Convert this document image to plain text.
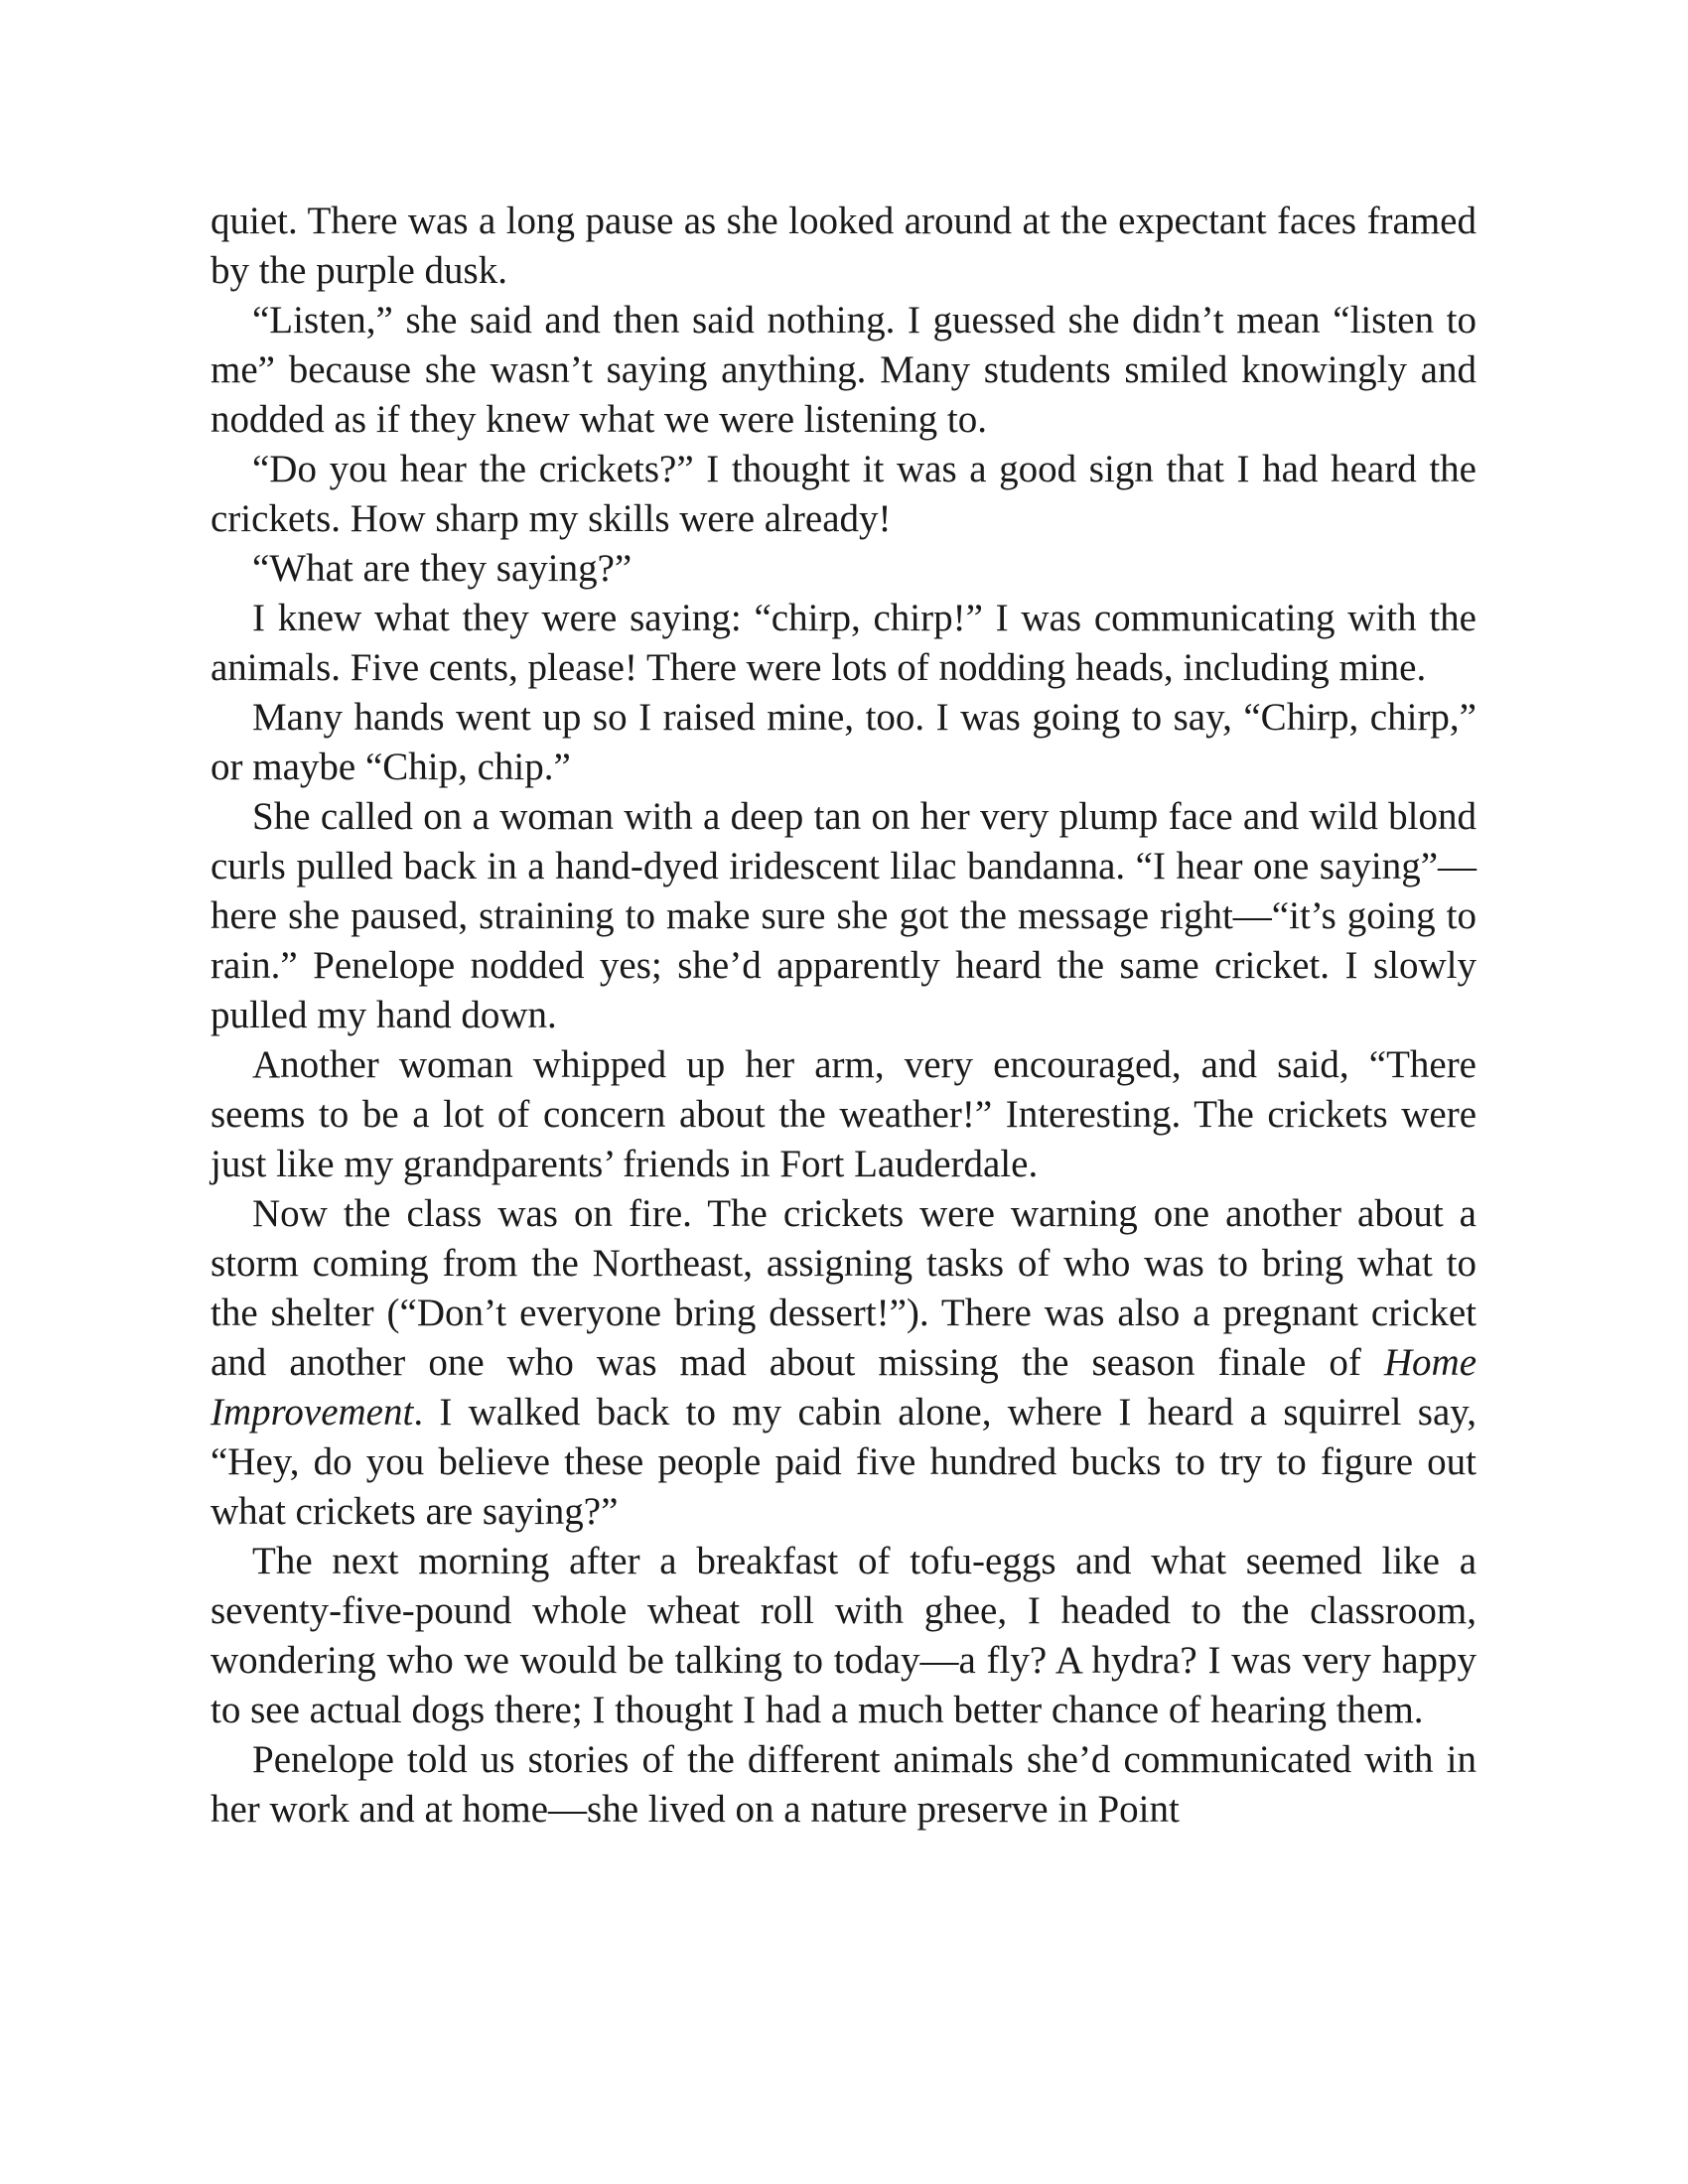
quiet. There was a long pause as she looked around at the expectant faces framed by the purple dusk.

“Listen,” she said and then said nothing. I guessed she didn’t mean “listen to me” because she wasn’t saying anything. Many students smiled knowingly and nodded as if they knew what we were listening to.

“Do you hear the crickets?” I thought it was a good sign that I had heard the crickets. How sharp my skills were already!

“What are they saying?”

I knew what they were saying: “chirp, chirp!” I was communicating with the animals. Five cents, please! There were lots of nodding heads, including mine.

Many hands went up so I raised mine, too. I was going to say, “Chirp, chirp,” or maybe “Chip, chip.”

She called on a woman with a deep tan on her very plump face and wild blond curls pulled back in a hand-dyed iridescent lilac bandanna. “I hear one saying”—here she paused, straining to make sure she got the message right—“it’s going to rain.” Penelope nodded yes; she’d apparently heard the same cricket. I slowly pulled my hand down.

Another woman whipped up her arm, very encouraged, and said, “There seems to be a lot of concern about the weather!” Interesting. The crickets were just like my grandparents’ friends in Fort Lauderdale.

Now the class was on fire. The crickets were warning one another about a storm coming from the Northeast, assigning tasks of who was to bring what to the shelter (“Don’t everyone bring dessert!”). There was also a pregnant cricket and another one who was mad about missing the season finale of Home Improvement. I walked back to my cabin alone, where I heard a squirrel say, “Hey, do you believe these people paid five hundred bucks to try to figure out what crickets are saying?”

The next morning after a breakfast of tofu-eggs and what seemed like a seventy-five-pound whole wheat roll with ghee, I headed to the classroom, wondering who we would be talking to today—a fly? A hydra? I was very happy to see actual dogs there; I thought I had a much better chance of hearing them.

Penelope told us stories of the different animals she’d communicated with in her work and at home—she lived on a nature preserve in Point
